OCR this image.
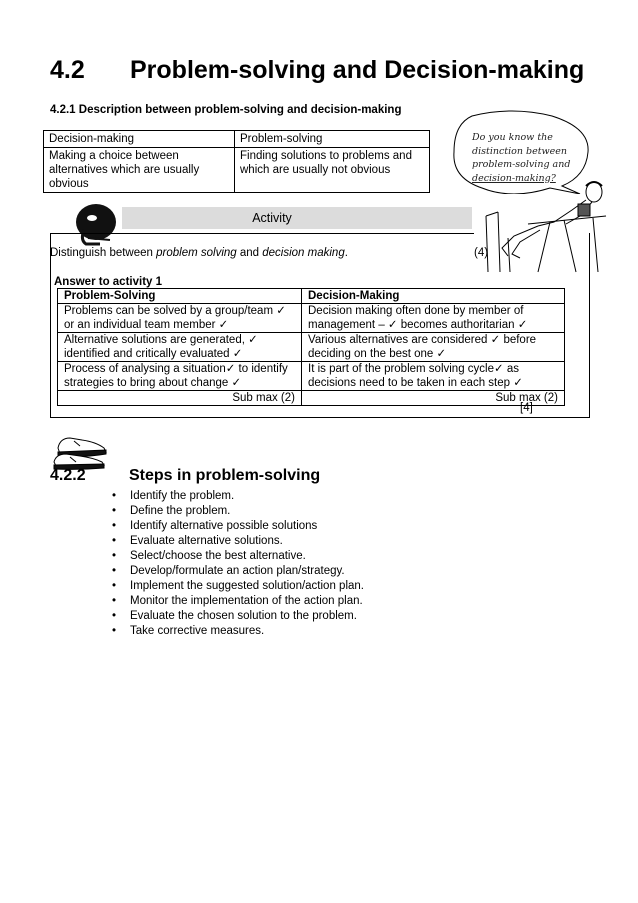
4.2 Problem-solving and Decision-making
4.2.1 Description between problem-solving and decision-making
Decision-making	Problem-solving
Making a choice between alternatives which are usually obvious	Finding solutions to problems and which are usually not obvious
Do you know the
distinction between
problem-solving and
decision-making?
Activity
Distinguish between problem solving and decision making.	(4)
Answer to activity 1
Problem-Solving	Decision-Making
Problems can be solved by a group/team ✓ or an individual team member ✓	Decision making often done by member of management – ✓ becomes authoritarian ✓
Alternative solutions are generated, ✓ identified and critically evaluated ✓	Various alternatives are considered ✓ before deciding on the best one ✓
Process of analysing a situation✓ to identify strategies to bring about change ✓	It is part of the problem solving cycle✓ as decisions need to be taken in each step ✓
Sub max (2)	Sub max (2)
[4]
4.2.2	Steps in problem-solving
• Identify the problem.
• Define the problem.
• Identify alternative possible solutions
• Evaluate alternative solutions.
• Select/choose the best alternative.
• Develop/formulate an action plan/strategy.
• Implement the suggested solution/action plan.
• Monitor the implementation of the action plan.
• Evaluate the chosen solution to the problem.
• Take corrective measures.
